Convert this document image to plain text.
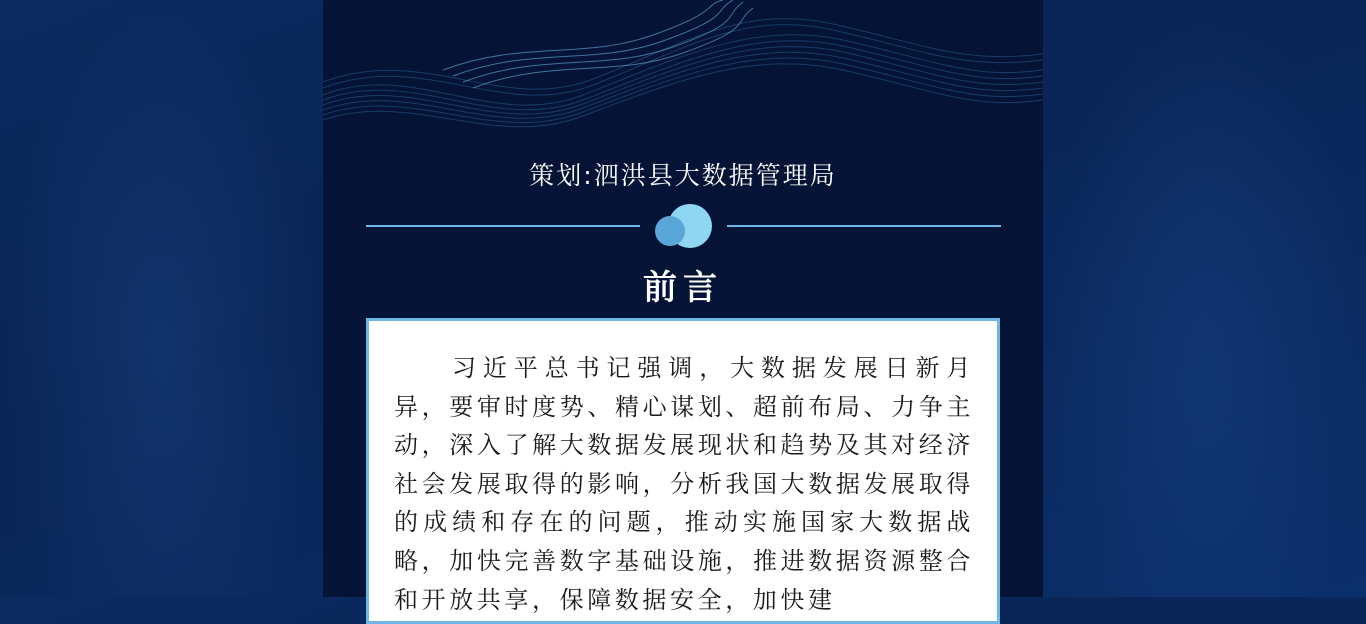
策划:泗洪县大数据管理局
前言

习近平总书记强调，大数据发展日新月异，要审时度势、精心谋划、超前布局、力争主动，深入了解大数据发展现状和趋势及其对经济社会发展取得的影响，分析我国大数据发展取得的成绩和存在的问题，推动实施国家大数据战略，加快完善数字基础设施，推进数据资源整合和开放共享，保障数据安全，加快建
